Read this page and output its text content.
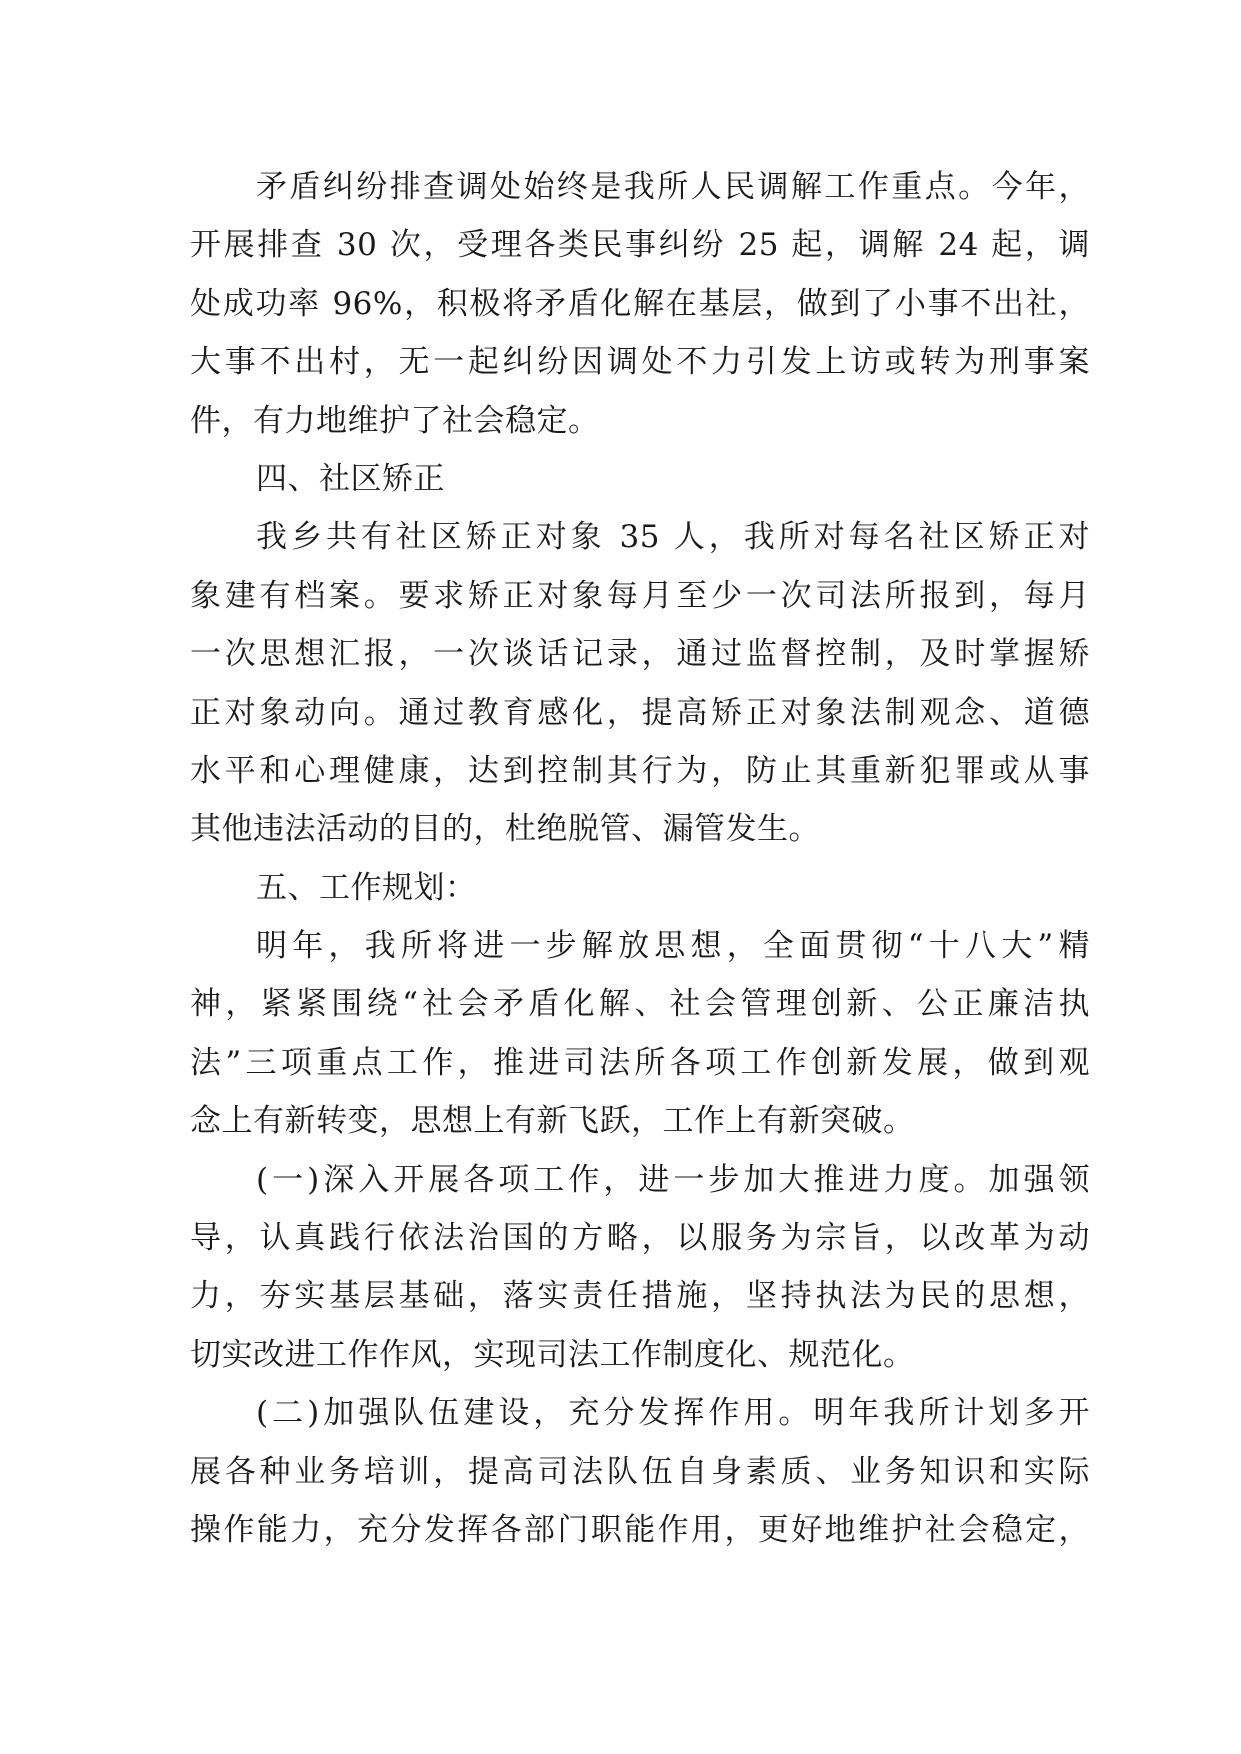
矛盾纠纷排查调处始终是我所人民调解工作重点。今年，
开展排查 30 次，受理各类民事纠纷 25 起，调解 24 起，调
处成功率 96%，积极将矛盾化解在基层，做到了小事不出社，
大事不出村，无一起纠纷因调处不力引发上访或转为刑事案
件，有力地维护了社会稳定。
四、社区矫正
我乡共有社区矫正对象 35 人，我所对每名社区矫正对
象建有档案。要求矫正对象每月至少一次司法所报到，每月
一次思想汇报，一次谈话记录，通过监督控制，及时掌握矫
正对象动向。通过教育感化，提高矫正对象法制观念、道德
水平和心理健康，达到控制其行为，防止其重新犯罪或从事
其他违法活动的目的，杜绝脱管、漏管发生。
五、工作规划：
明年，我所将进一步解放思想，全面贯彻“十八大”精
神，紧紧围绕“社会矛盾化解、社会管理创新、公正廉洁执
法”三项重点工作，推进司法所各项工作创新发展，做到观
念上有新转变，思想上有新飞跃，工作上有新突破。
(一)深入开展各项工作，进一步加大推进力度。加强领
导，认真践行依法治国的方略，以服务为宗旨，以改革为动
力，夯实基层基础，落实责任措施，坚持执法为民的思想，
切实改进工作作风，实现司法工作制度化、规范化。
(二)加强队伍建设，充分发挥作用。明年我所计划多开
展各种业务培训，提高司法队伍自身素质、业务知识和实际
操作能力，充分发挥各部门职能作用，更好地维护社会稳定，
